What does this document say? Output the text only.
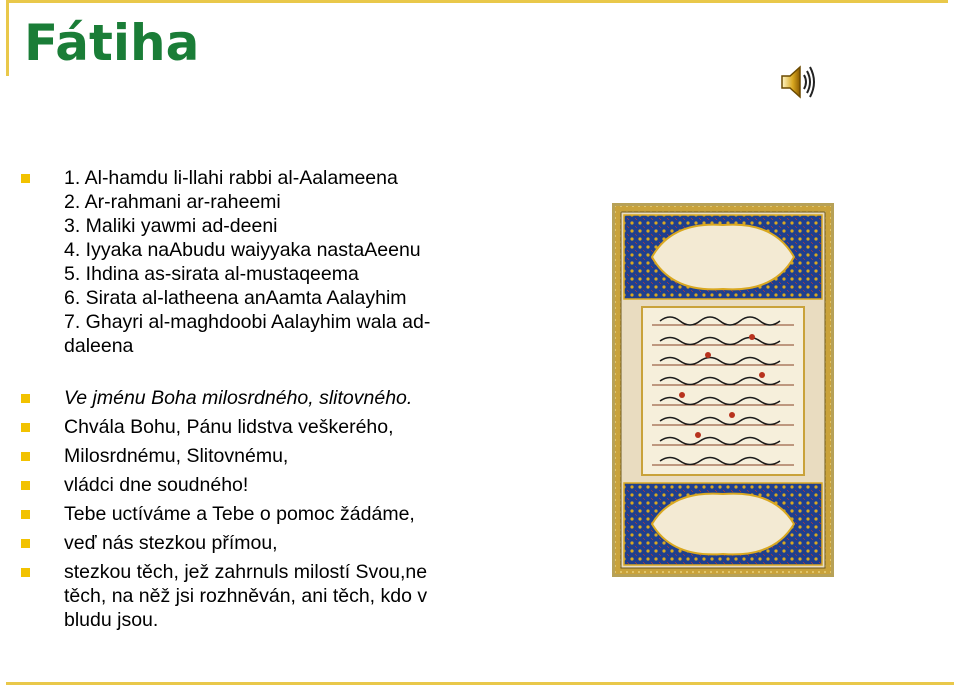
Fátiha
1. Al-hamdu li-llahi rabbi al-Aalameena
2. Ar-rahmani ar-raheemi
3. Maliki yawmi ad-deeni
4. Iyyaka naAbudu waiyyaka nastaAeenu
5. Ihdina as-sirata al-mustaqeema
6. Sirata al-latheena anAamta Aalayhim
7. Ghayri al-maghdoobi Aalayhim wala ad-daleena
Ve jménu Boha milosrdného, slitovného.
Chvála Bohu, Pánu lidstva veškerého,
Milosrdnému, Slitovnému,
vládci dne soudného!
Tebe uctíváme a Tebe o pomoc žádáme,
veď nás stezkou přímou,
stezkou těch, jež zahrnuls milostí Svou,ne těch, na něž jsi rozhněván, ani těch, kdo v bludu jsou.
